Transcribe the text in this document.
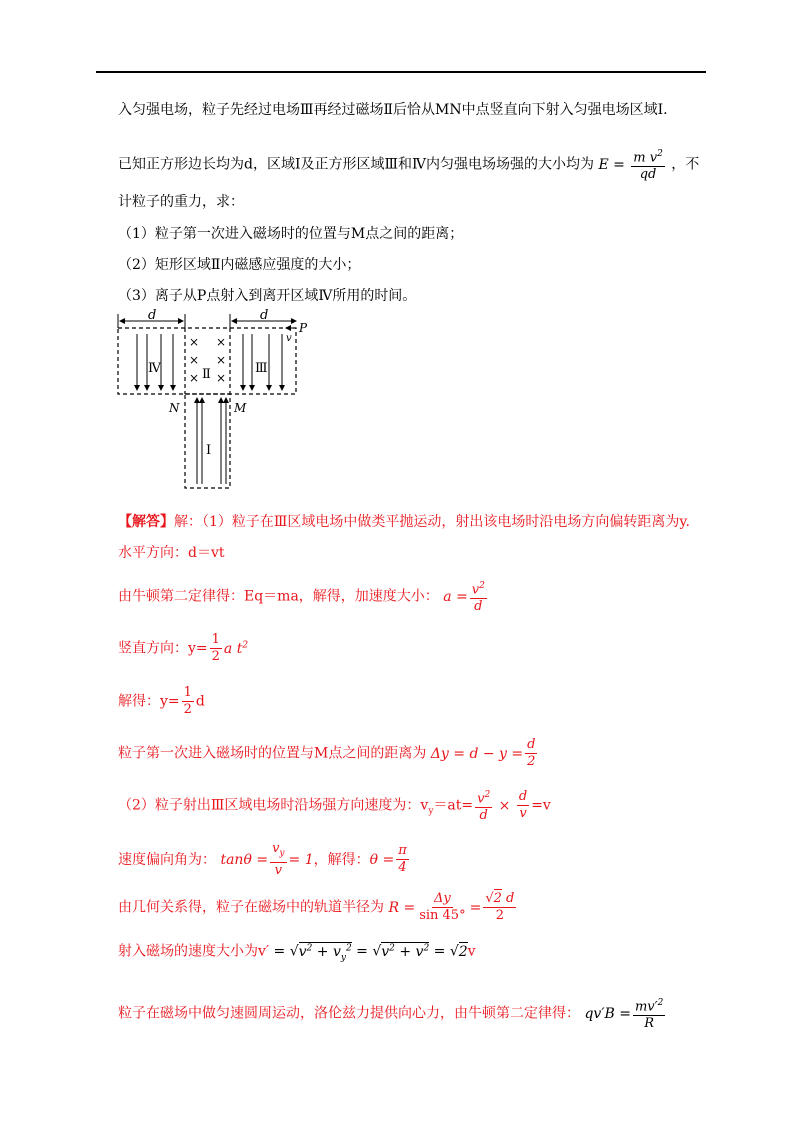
入匀强电场，粒子先经过电场Ⅲ再经过磁场Ⅱ后恰从MN中点竖直向下射入匀强电场区域Ⅰ.
已知正方形边长均为d，区域Ⅰ及正方形区域Ⅲ和Ⅳ内匀强电场场强的大小均为 $E = \frac{m v^2}{qd}$ ，不
计粒子的重力，求：
（1）粒子第一次进入磁场时的位置与M点之间的距离；
（2）矩形区域Ⅱ内磁感应强度的大小；
（3）离子从P点射入到离开区域Ⅳ所用的时间。
d	d
P
v
Ⅳ
× ×
× ×
× ×
Ⅱ	Ⅲ
N	M
Ⅰ
【解答】解：（1）粒子在Ⅲ区域电场中做类平抛运动，射出该电场时沿电场方向偏转距离为y.
水平方向：d＝vt
由牛顿第二定律得：Eq＝ma，解得，加速度大小： $a = \frac{v^2}{d}$
竖直方向：$y= \frac{1}{2}$ a $t^2$
解得：$y= \frac{1}{2}$ d
粒子第一次进入磁场时的位置与M点之间的距离为 $\Delta y = d - y = \frac{d}{2}$
（2）粒子射出Ⅲ区域电场时沿场强方向速度为：$v_y=at= \frac{v^2}{d} \times \frac{d}{v} =v$
速度偏向角为： $\tan\theta = \frac{v_y}{v} = 1$，解得：$\theta = \frac{\pi}{4}$
由几何关系得，粒子在磁场中的轨道半径为 $R = \frac{\Delta y}{\sin 45^\circ} = \frac{√2 d}{2}$
射入磁场的速度大小为$v' = √v^2 + v_y^2 = √v^2 + v^2 = √2v$
粒子在磁场中做匀速圆周运动，洛伦兹力提供向心力，由牛顿第二定律得： $qv'B = \frac{mv'^2}{R}$
